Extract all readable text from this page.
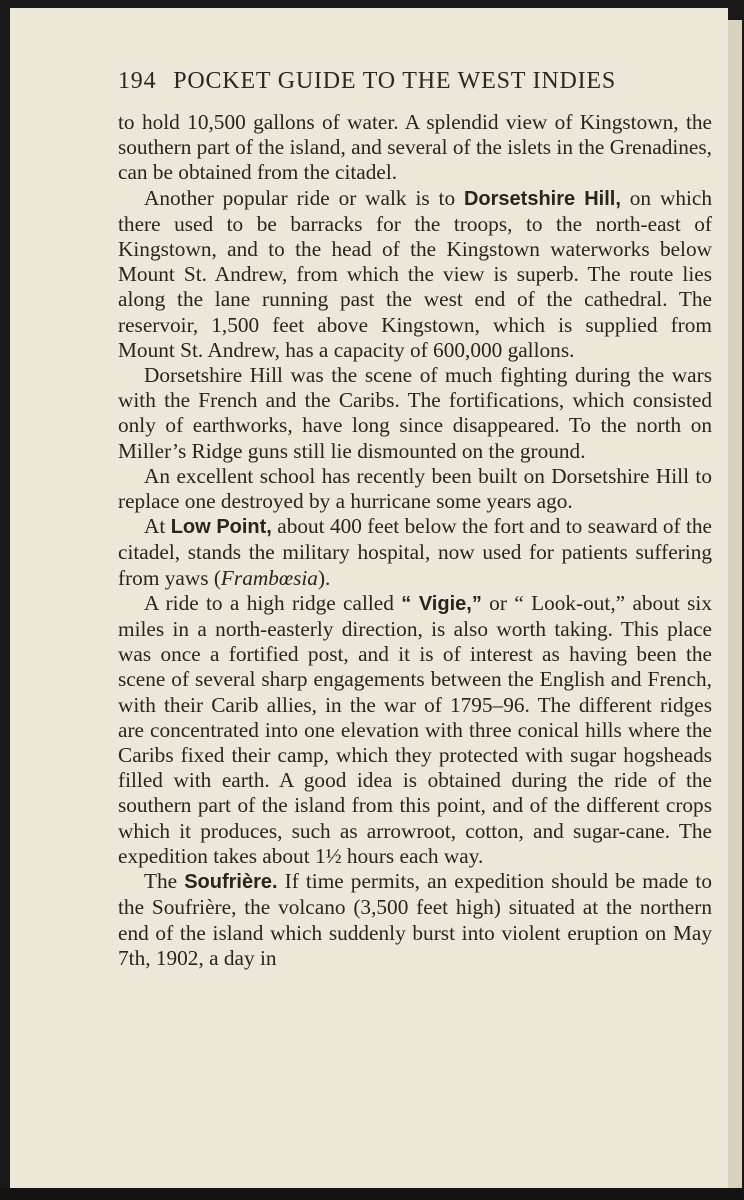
194 POCKET GUIDE TO THE WEST INDIES

to hold 10,500 gallons of water. A splendid view of Kingstown, the southern part of the island, and several of the islets in the Grenadines, can be obtained from the citadel.

Another popular ride or walk is to Dorsetshire Hill, on which there used to be barracks for the troops, to the north-east of Kingstown, and to the head of the Kingstown waterworks below Mount St. Andrew, from which the view is superb. The route lies along the lane running past the west end of the cathedral. The reservoir, 1,500 feet above Kingstown, which is supplied from Mount St. Andrew, has a capacity of 600,000 gallons.

Dorsetshire Hill was the scene of much fighting during the wars with the French and the Caribs. The fortifications, which consisted only of earthworks, have long since disappeared. To the north on Miller’s Ridge guns still lie dismounted on the ground.

An excellent school has recently been built on Dorsetshire Hill to replace one destroyed by a hurricane some years ago.

At Low Point, about 400 feet below the fort and to seaward of the citadel, stands the military hospital, now used for patients suffering from yaws (Frambœsia).

A ride to a high ridge called “ Vigie,” or “ Look-out,” about six miles in a north-easterly direction, is also worth taking. This place was once a fortified post, and it is of interest as having been the scene of several sharp engagements between the English and French, with their Carib allies, in the war of 1795–96. The different ridges are concentrated into one elevation with three conical hills where the Caribs fixed their camp, which they protected with sugar hogsheads filled with earth. A good idea is obtained during the ride of the southern part of the island from this point, and of the different crops which it produces, such as arrowroot, cotton, and sugar-cane. The expedition takes about 1½ hours each way.

The Soufrière. If time permits, an expedition should be made to the Soufrière, the volcano (3,500 feet high) situated at the northern end of the island which suddenly burst into violent eruption on May 7th, 1902, a day in
